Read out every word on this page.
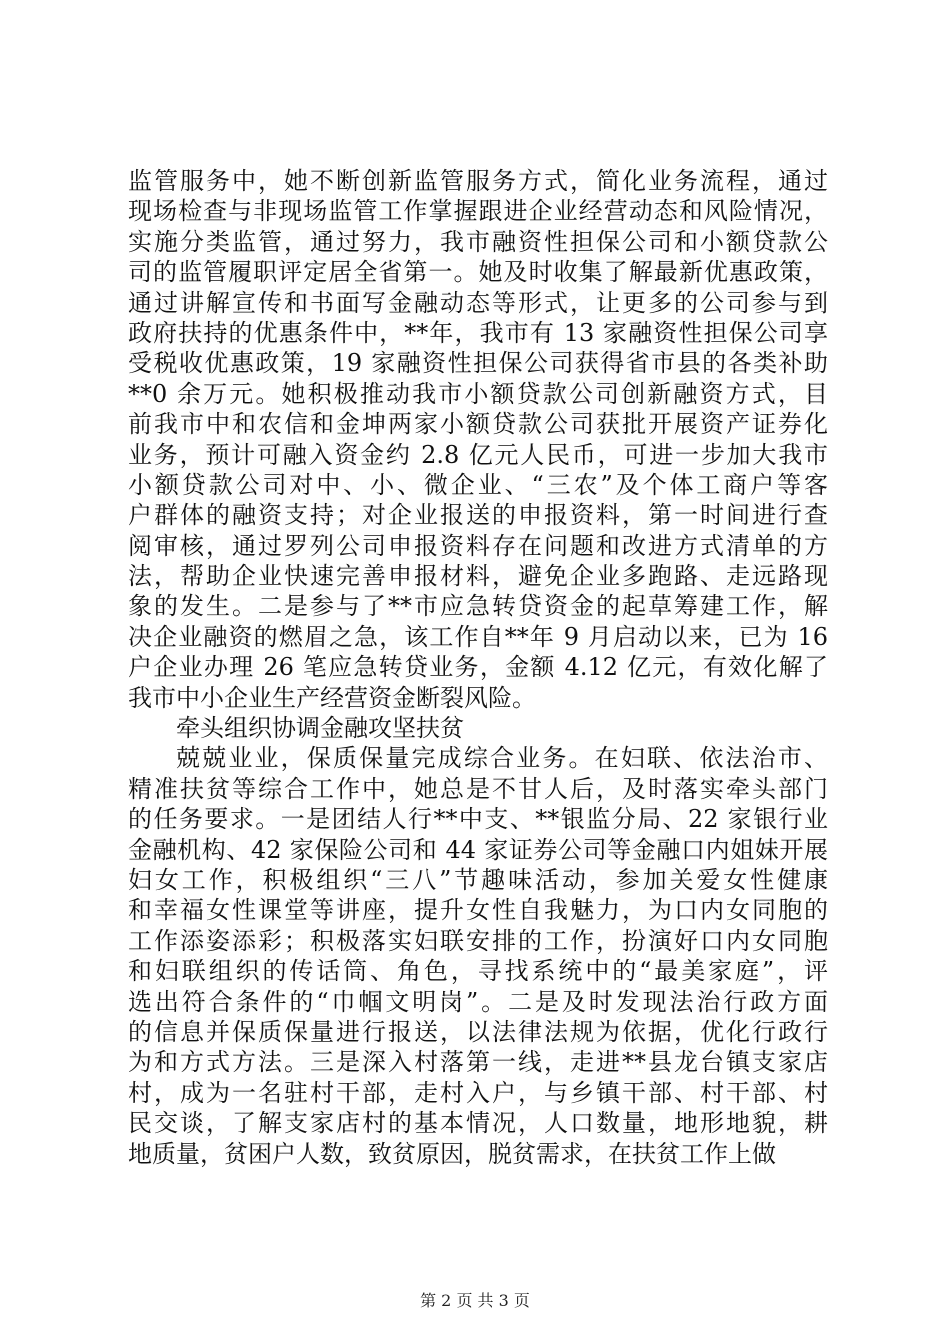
监管服务中，她不断创新监管服务方式，简化业务流程，通过
现场检查与非现场监管工作掌握跟进企业经营动态和风险情况，
实施分类监管，通过努力，我市融资性担保公司和小额贷款公
司的监管履职评定居全省第一。她及时收集了解最新优惠政策，
通过讲解宣传和书面写金融动态等形式，让更多的公司参与到
政府扶持的优惠条件中，**年，我市有 13 家融资性担保公司享
受税收优惠政策，19 家融资性担保公司获得省市县的各类补助
**0 余万元。她积极推动我市小额贷款公司创新融资方式，目
前我市中和农信和金坤两家小额贷款公司获批开展资产证券化
业务，预计可融入资金约 2.8 亿元人民币，可进一步加大我市
小额贷款公司对中、小、微企业、“三农”及个体工商户等客
户群体的融资支持；对企业报送的申报资料，第一时间进行查
阅审核，通过罗列公司申报资料存在问题和改进方式清单的方
法，帮助企业快速完善申报材料，避免企业多跑路、走远路现
象的发生。二是参与了**市应急转贷资金的起草筹建工作，解
决企业融资的燃眉之急，该工作自**年 9 月启动以来，已为 16
户企业办理 26 笔应急转贷业务，金额 4.12 亿元，有效化解了
我市中小企业生产经营资金断裂风险。
牵头组织协调金融攻坚扶贫
兢兢业业，保质保量完成综合业务。在妇联、依法治市、
精准扶贫等综合工作中，她总是不甘人后，及时落实牵头部门
的任务要求。一是团结人行**中支、**银监分局、22 家银行业
金融机构、42 家保险公司和 44 家证券公司等金融口内姐妹开展
妇女工作，积极组织“三八”节趣味活动，参加关爱女性健康
和幸福女性课堂等讲座，提升女性自我魅力，为口内女同胞的
工作添姿添彩；积极落实妇联安排的工作，扮演好口内女同胞
和妇联组织的传话筒、角色，寻找系统中的“最美家庭”，评
选出符合条件的“巾帼文明岗”。二是及时发现法治行政方面
的信息并保质保量进行报送，以法律法规为依据，优化行政行
为和方式方法。三是深入村落第一线，走进**县龙台镇支家店
村，成为一名驻村干部，走村入户，与乡镇干部、村干部、村
民交谈，了解支家店村的基本情况，人口数量，地形地貌，耕
地质量，贫困户人数，致贫原因，脱贫需求，在扶贫工作上做
第 2 页 共 3 页
